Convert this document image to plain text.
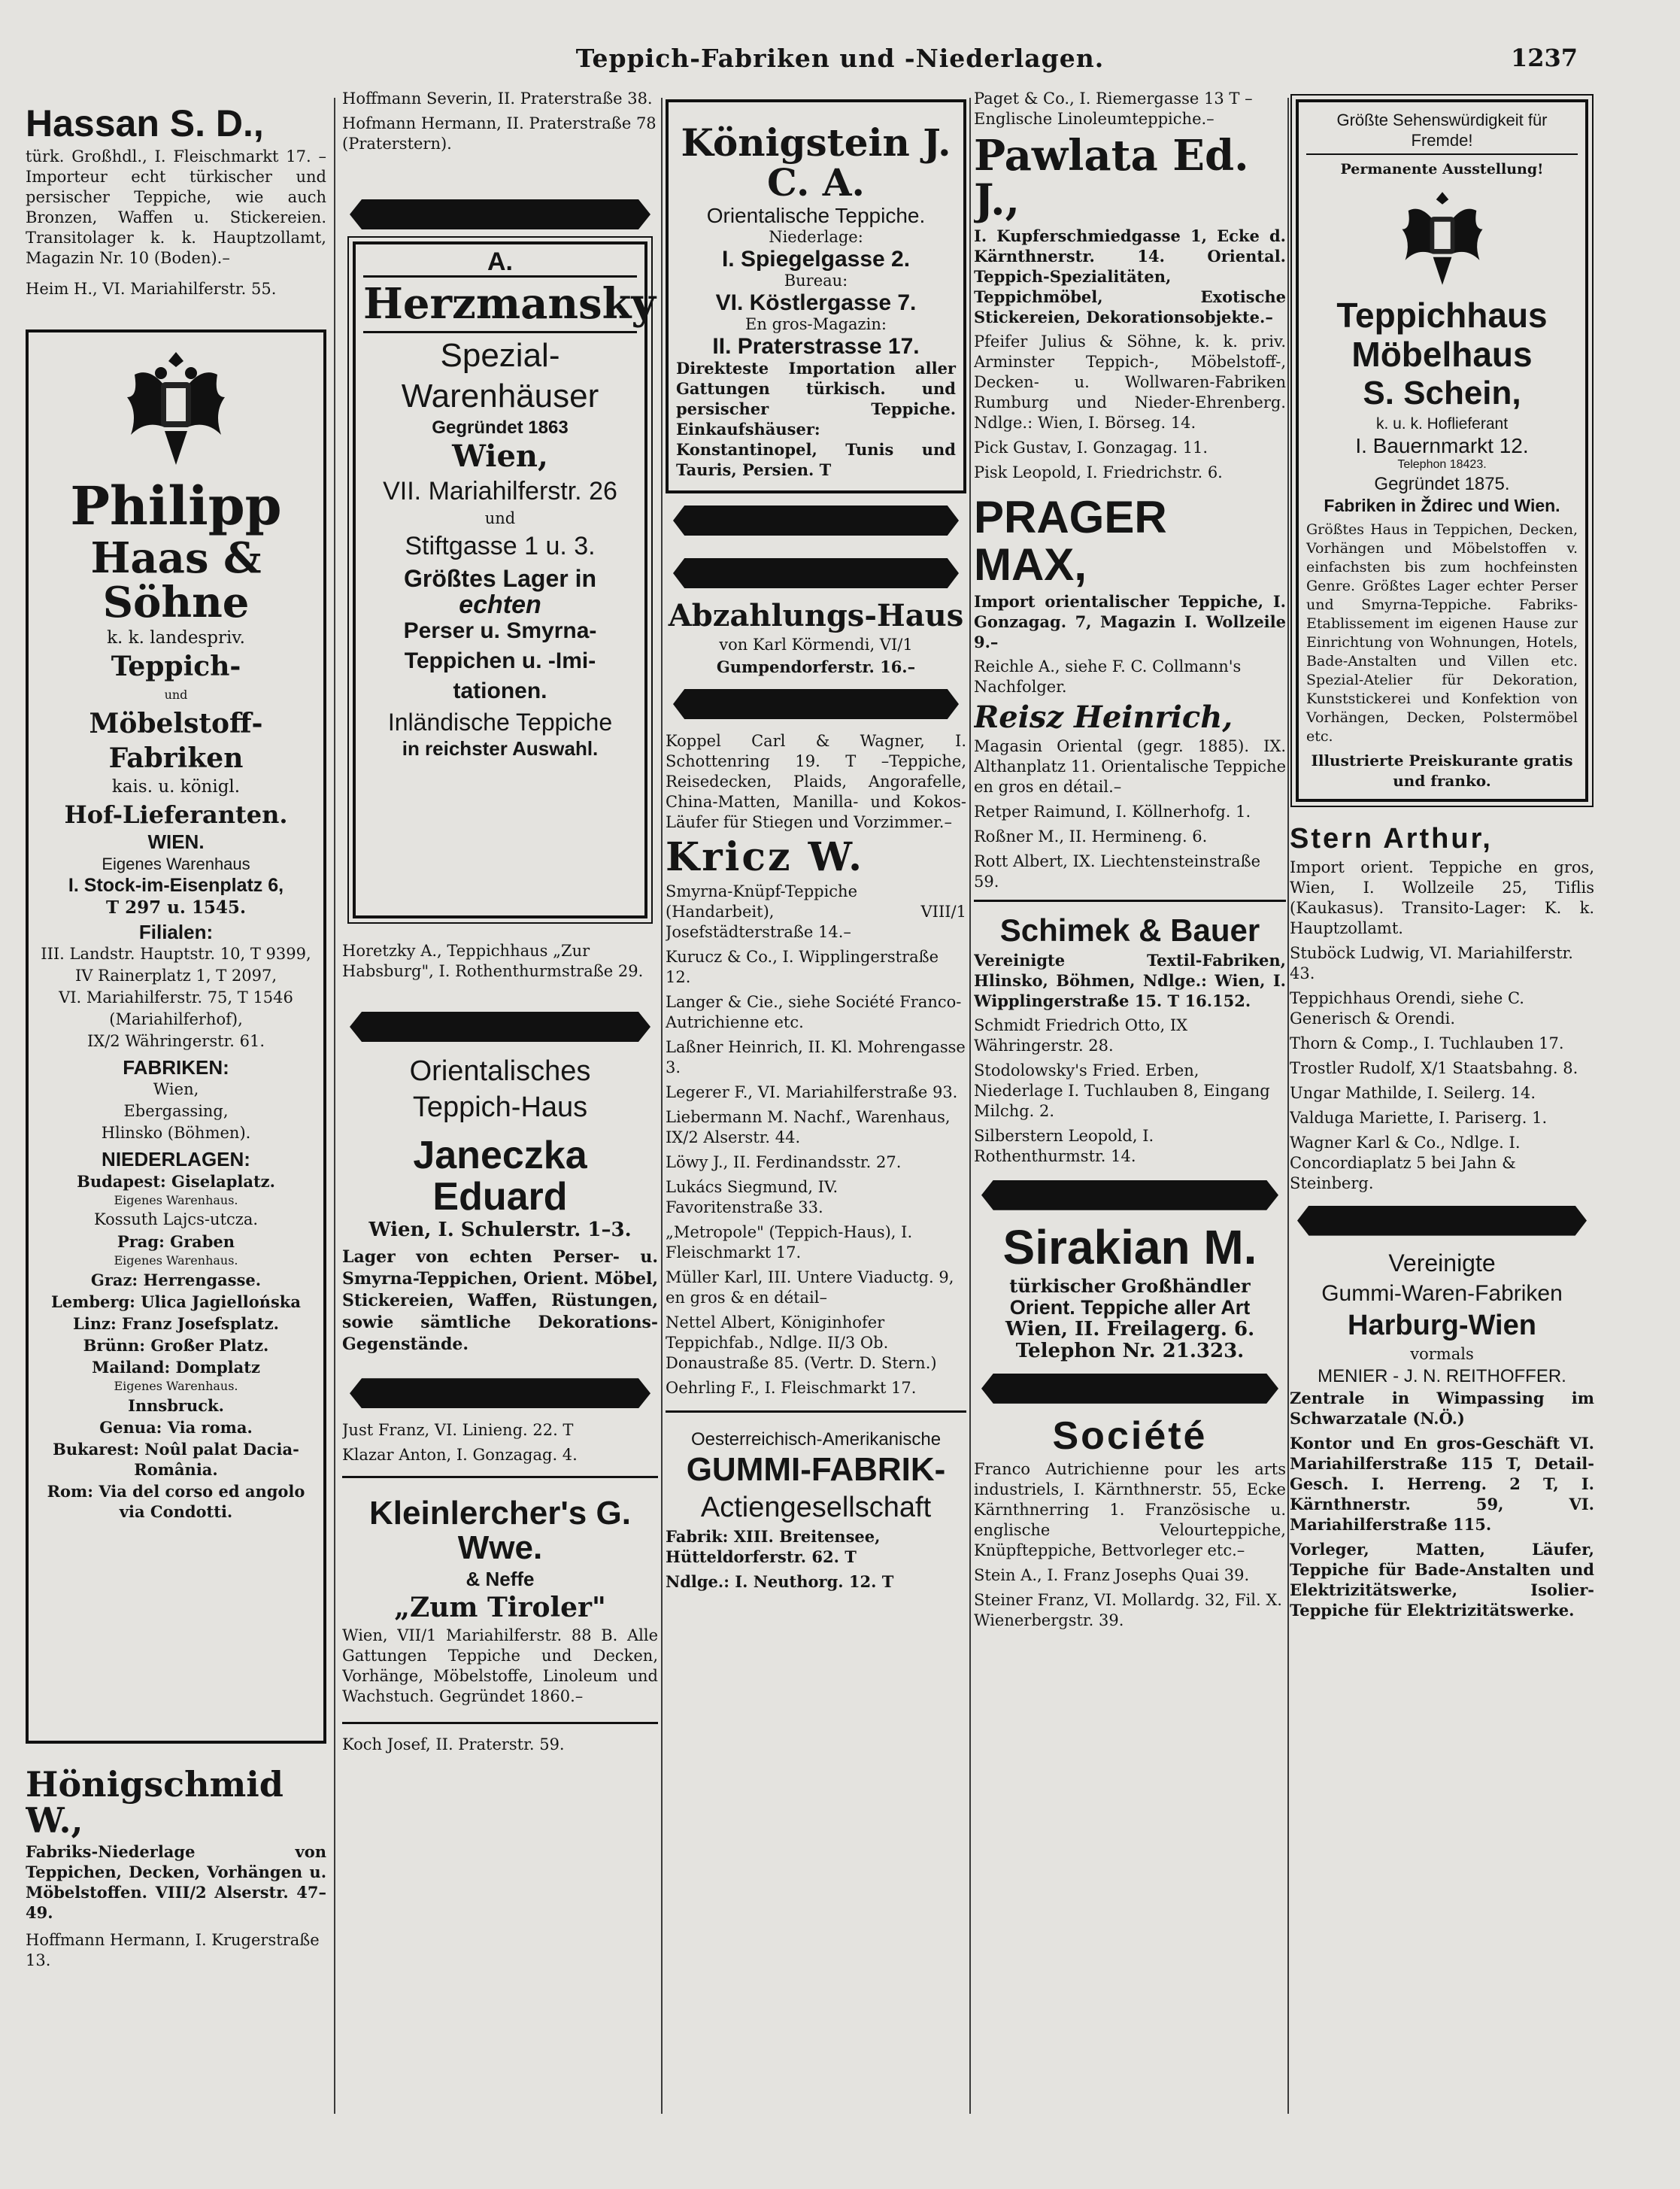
Teppich-Fabriken und -Niederlagen.	1237
Hassan S. D.,
türk. Großhdl., I. Fleischmarkt 17. –Importeur echt türkischer und persischer Teppiche, wie auch Bronzen, Waffen u. Stickereien. Transitolager k. k. Hauptzollamt, Magazin Nr. 10 (Boden).–
Heim H., VI. Mariahilferstr. 55.
Philipp
Haas & Söhne
k. k. landespriv.
Teppich-
und
Möbelstoff-Fabriken
kais. u. königl.
Hof-Lieferanten.
WIEN.
Eigenes Warenhaus
I. Stock-im-Eisenplatz 6,
T 297 u. 1545.
Filialen:
III. Landstr. Hauptstr. 10, T 9399,
IV Rainerplatz 1, T 2097,
VI. Mariahilferstr. 75, T 1546
(Mariahilferhof),
IX/2 Währingerstr. 61.
FABRIKEN:
Wien,
Ebergassing,
Hlinsko (Böhmen).
NIEDERLAGEN:
Budapest: Giselaplatz.
Eigenes Warenhaus.
Kossuth Lajcs-utcza.
Prag: Graben
Eigenes Warenhaus.
Graz: Herrengasse.
Lemberg: Ulica Jagiellońska
Linz: Franz Josefsplatz.
Brünn: Großer Platz.
Mailand: Domplatz
Eigenes Warenhaus.
Innsbruck.
Genua: Via roma.
Bukarest: Noûl palat Dacia-România.
Rom: Via del corso ed angolo via Condotti.
Hönigschmid W.,
Fabriks-Niederlage von Teppichen, Decken, Vorhängen u. Möbelstoffen. VIII/2 Alserstr. 47–49.
Hoffmann Hermann, I. Krugerstraße 13.
Hoffmann Severin, II. Praterstraße 38.
Hofmann Hermann, II. Praterstraße 78 (Praterstern).
A.
Herzmansky
Spezial-
Warenhäuser
Gegründet 1863
Wien,
VII. Mariahilferstr. 26
und
Stiftgasse 1 u. 3.
Größtes Lager in
echten
Perser u. Smyrna-
Teppichen u. -Imi-
tationen.
Inländische Teppiche
in reichster Auswahl.
Horetzky A., Teppichhaus „Zur Habsburg", I. Rothenthurmstraße 29.
Orientalisches
Teppich-Haus
Janeczka Eduard
Wien, I. Schulerstr. 1–3.
Lager von echten Perser- u. Smyrna-Teppichen, Orient. Möbel, Stickereien, Waffen, Rüstungen, sowie sämtliche Dekorations-Gegenstände.
Just Franz, VI. Linieng. 22. T
Klazar Anton, I. Gonzagag. 4.
Kleinlercher's G. Wwe.
& Neffe
„Zum Tiroler"
Wien, VII/1 Mariahilferstr. 88 B. Alle Gattungen Teppiche und Decken, Vorhänge, Möbelstoffe, Linoleum und Wachstuch. Gegründet 1860.–
Koch Josef, II. Praterstr. 59.
Königstein J. C. A.
Orientalische Teppiche.
Niederlage:
I. Spiegelgasse 2.
Bureau:
VI. Köstlergasse 7.
En gros-Magazin:
II. Praterstrasse 17.
Direkteste Importation aller Gattungen türkisch. und persischer Teppiche. Einkaufshäuser: Konstantinopel, Tunis und Tauris, Persien. T
Abzahlungs-Haus
von Karl Körmendi, VI/1
Gumpendorferstr. 16.–
Koppel Carl & Wagner, I. Schottenring 19. T –Teppiche, Reisedecken, Plaids, Angorafelle, China-Matten, Manilla- und Kokos-Läufer für Stiegen und Vorzimmer.–
Kricz W.
Smyrna-Knüpf-Teppiche (Handarbeit), VIII/1 Josefstädterstraße 14.–
Kurucz & Co., I. Wipplingerstraße 12.
Langer & Cie., siehe Société Franco-Autrichienne etc.
Laßner Heinrich, II. Kl. Mohrengasse 3.
Legerer F., VI. Mariahilferstraße 93.
Liebermann M. Nachf., Warenhaus, IX/2 Alserstr. 44.
Löwy J., II. Ferdinandsstr. 27.
Lukács Siegmund, IV. Favoritenstraße 33.
„Metropole" (Teppich-Haus), I. Fleischmarkt 17.
Müller Karl, III. Untere Viaductg. 9, en gros & en détail–
Nettel Albert, Königinhofer Teppichfab., Ndlge. II/3 Ob. Donaustraße 85. (Vertr. D. Stern.)
Oehrling F., I. Fleischmarkt 17.
Oesterreichisch-Amerikanische
GUMMI-FABRIK-
Actiengesellschaft
Fabrik: XIII. Breitensee, Hütteldorferstr. 62. T
Ndlge.: I. Neuthorg. 12. T
Paget & Co., I. Riemergasse 13 T –Englische Linoleumteppiche.–
Pawlata Ed. J.,
I. Kupferschmiedgasse 1, Ecke d. Kärnthnerstr. 14. Oriental. Teppich-Spezialitäten, Teppichmöbel, Exotische Stickereien, Dekorationsobjekte.–
Pfeifer Julius & Söhne, k. k. priv. Arminster Teppich-, Möbelstoff-, Decken- u. Wollwaren-Fabriken Rumburg und Nieder-Ehrenberg. Ndlge.: Wien, I. Börseg. 14.
Pick Gustav, I. Gonzagag. 11.
Pisk Leopold, I. Friedrichstr. 6.
PRAGER MAX,
Import orientalischer Teppiche, I. Gonzagag. 7, Magazin I. Wollzeile 9.–
Reichle A., siehe F. C. Collmann's Nachfolger.
Reisz Heinrich,
Magasin Oriental (gegr. 1885). IX. Althanplatz 11. Orientalische Teppiche en gros en détail.–
Retper Raimund, I. Köllnerhofg. 1.
Roßner M., II. Hermineng. 6.
Rott Albert, IX. Liechtensteinstraße 59.
Schimek & Bauer
Vereinigte Textil-Fabriken, Hlinsko, Böhmen, Ndlge.: Wien, I. Wipplingerstraße 15. T 16.152.
Schmidt Friedrich Otto, IX Währingerstr. 28.
Stodolowsky's Fried. Erben, Niederlage I. Tuchlauben 8, Eingang Milchg. 2.
Silberstern Leopold, I. Rothenthurmstr. 14.
Sirakian M.
türkischer Großhändler
Orient. Teppiche aller Art
Wien, II. Freilagerg. 6.
Telephon Nr. 21.323.
Société
Franco Autrichienne pour les arts industriels, I. Kärnthnerstr. 55, Ecke Kärnthnerring 1. Französische u. englische Velourteppiche, Knüpfteppiche, Bettvorleger etc.–
Stein A., I. Franz Josephs Quai 39.
Steiner Franz, VI. Mollardg. 32, Fil. X. Wienerbergstr. 39.
Größte Sehenswürdigkeit für Fremde!
Permanente Ausstellung!
Teppichhaus
Möbelhaus
S. Schein,
k. u. k. Hoflieferant
I. Bauernmarkt 12.
Telephon 18423.
Gegründet 1875.
Fabriken in Ždirec und Wien.
Größtes Haus in Teppichen, Decken, Vorhängen und Möbelstoffen v. einfachsten bis zum hochfeinsten Genre. Größtes Lager echter Perser und Smyrna-Teppiche. Fabriks-Etablissement im eigenen Hause zur Einrichtung von Wohnungen, Hotels, Bade-Anstalten und Villen etc. Spezial-Atelier für Dekoration, Kunststickerei und Konfektion von Vorhängen, Decken, Polstermöbel etc.
Illustrierte Preiskurante gratis und franko.
Stern Arthur,
Import orient. Teppiche en gros, Wien, I. Wollzeile 25, Tiflis (Kaukasus). Transito-Lager: K. k. Hauptzollamt.
Stuböck Ludwig, VI. Mariahilferstr. 43.
Teppichhaus Orendi, siehe C. Generisch & Orendi.
Thorn & Comp., I. Tuchlauben 17.
Trostler Rudolf, X/1 Staatsbahng. 8.
Ungar Mathilde, I. Seilerg. 14.
Valduga Mariette, I. Pariserg. 1.
Wagner Karl & Co., Ndlge. I. Concordiaplatz 5 bei Jahn & Steinberg.
Vereinigte
Gummi-Waren-Fabriken
Harburg-Wien
vormals
MENIER - J. N. REITHOFFER.
Zentrale in Wimpassing im Schwarzatale (N.Ö.)
Kontor und En gros-Geschäft VI. Mariahilferstraße 115 T, Detail-Gesch. I. Herreng. 2 T, I. Kärnthnerstr. 59, VI. Mariahilferstraße 115.
Vorleger, Matten, Läufer, Teppiche für Bade-Anstalten und Elektrizitätswerke, Isolier-Teppiche für Elektrizitätswerke.
